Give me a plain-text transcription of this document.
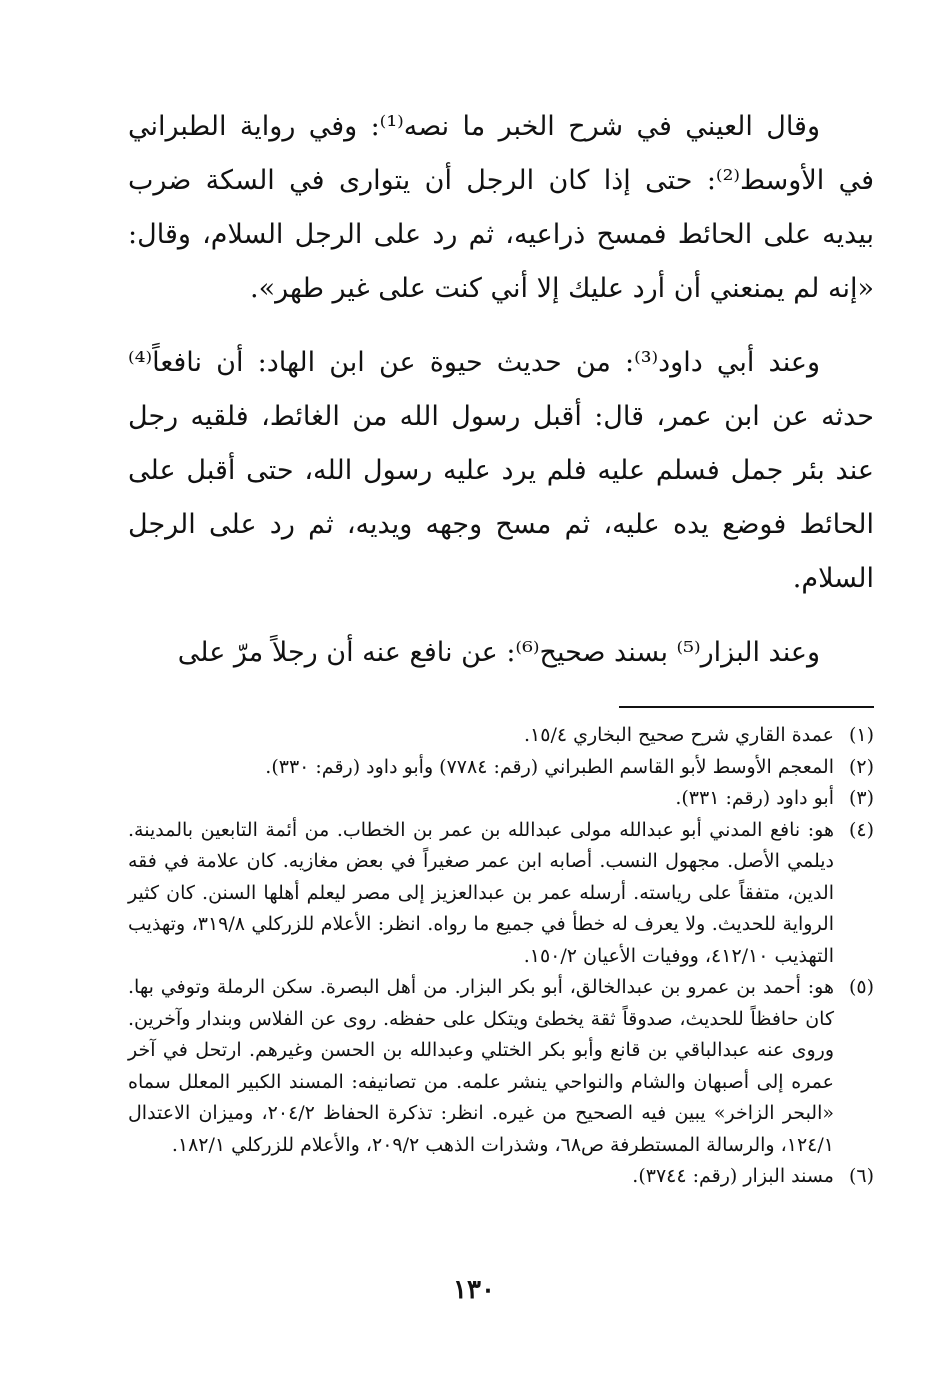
وقال العيني في شرح الخبر ما نصه⁽¹⁾: وفي رواية الطبراني في الأوسط⁽²⁾: حتى إذا كان الرجل أن يتوارى في السكة ضرب بيديه على الحائط فمسح ذراعيه، ثم رد على الرجل السلام، وقال: «إنه لم يمنعني أن أرد عليك إلا أني كنت على غير طهر».

وعند أبي داود⁽³⁾: من حديث حيوة عن ابن الهاد: أن نافعاً⁽⁴⁾ حدثه عن ابن عمر، قال: أقبل رسول الله من الغائط، فلقيه رجل عند بئر جمل فسلم عليه فلم يرد عليه رسول الله، حتى أقبل على الحائط فوضع يده عليه، ثم مسح وجهه ويديه، ثم رد على الرجل السلام.

وعند البزار⁽⁵⁾ بسند صحيح⁽⁶⁾: عن نافع عنه أن رجلاً مرّ على

(١)
عمدة القاري شرح صحيح البخاري ١٥/٤.
(٢)
المعجم الأوسط لأبو القاسم الطبراني (رقم: ٧٧٨٤) وأبو داود (رقم: ٣٣٠).
(٣)
أبو داود (رقم: ٣٣١).
(٤)
هو: نافع المدني أبو عبدالله مولى عبدالله بن عمر بن الخطاب. من أئمة التابعين بالمدينة. ديلمي الأصل. مجهول النسب. أصابه ابن عمر صغيراً في بعض مغازيه. كان علامة في فقه الدين، متفقاً على رياسته. أرسله عمر بن عبدالعزيز إلى مصر ليعلم أهلها السنن. كان كثير الرواية للحديث. ولا يعرف له خطأ في جميع ما رواه. انظر: الأعلام للزركلي ٣١٩/٨، وتهذيب التهذيب ٤١٢/١٠، ووفيات الأعيان ١٥٠/٢.
(٥)
هو: أحمد بن عمرو بن عبدالخالق، أبو بكر البزار. من أهل البصرة. سكن الرملة وتوفي بها. كان حافظاً للحديث، صدوقاً ثقة يخطئ ويتكل على حفظه. روى عن الفلاس وبندار وآخرين. وروى عنه عبدالباقي بن قانع وأبو بكر الختلي وعبدالله بن الحسن وغيرهم. ارتحل في آخر عمره إلى أصبهان والشام والنواحي ينشر علمه. من تصانيفه: المسند الكبير المعلل سماه «البحر الزاخر» يبين فيه الصحيح من غيره. انظر: تذكرة الحفاظ ٢٠٤/٢، وميزان الاعتدال ١٢٤/١، والرسالة المستطرفة ص٦٨، وشذرات الذهب ٢٠٩/٢، والأعلام للزركلي ١٨٢/١.
(٦)
مسند البزار (رقم: ٣٧٤٤).
١٣٠
